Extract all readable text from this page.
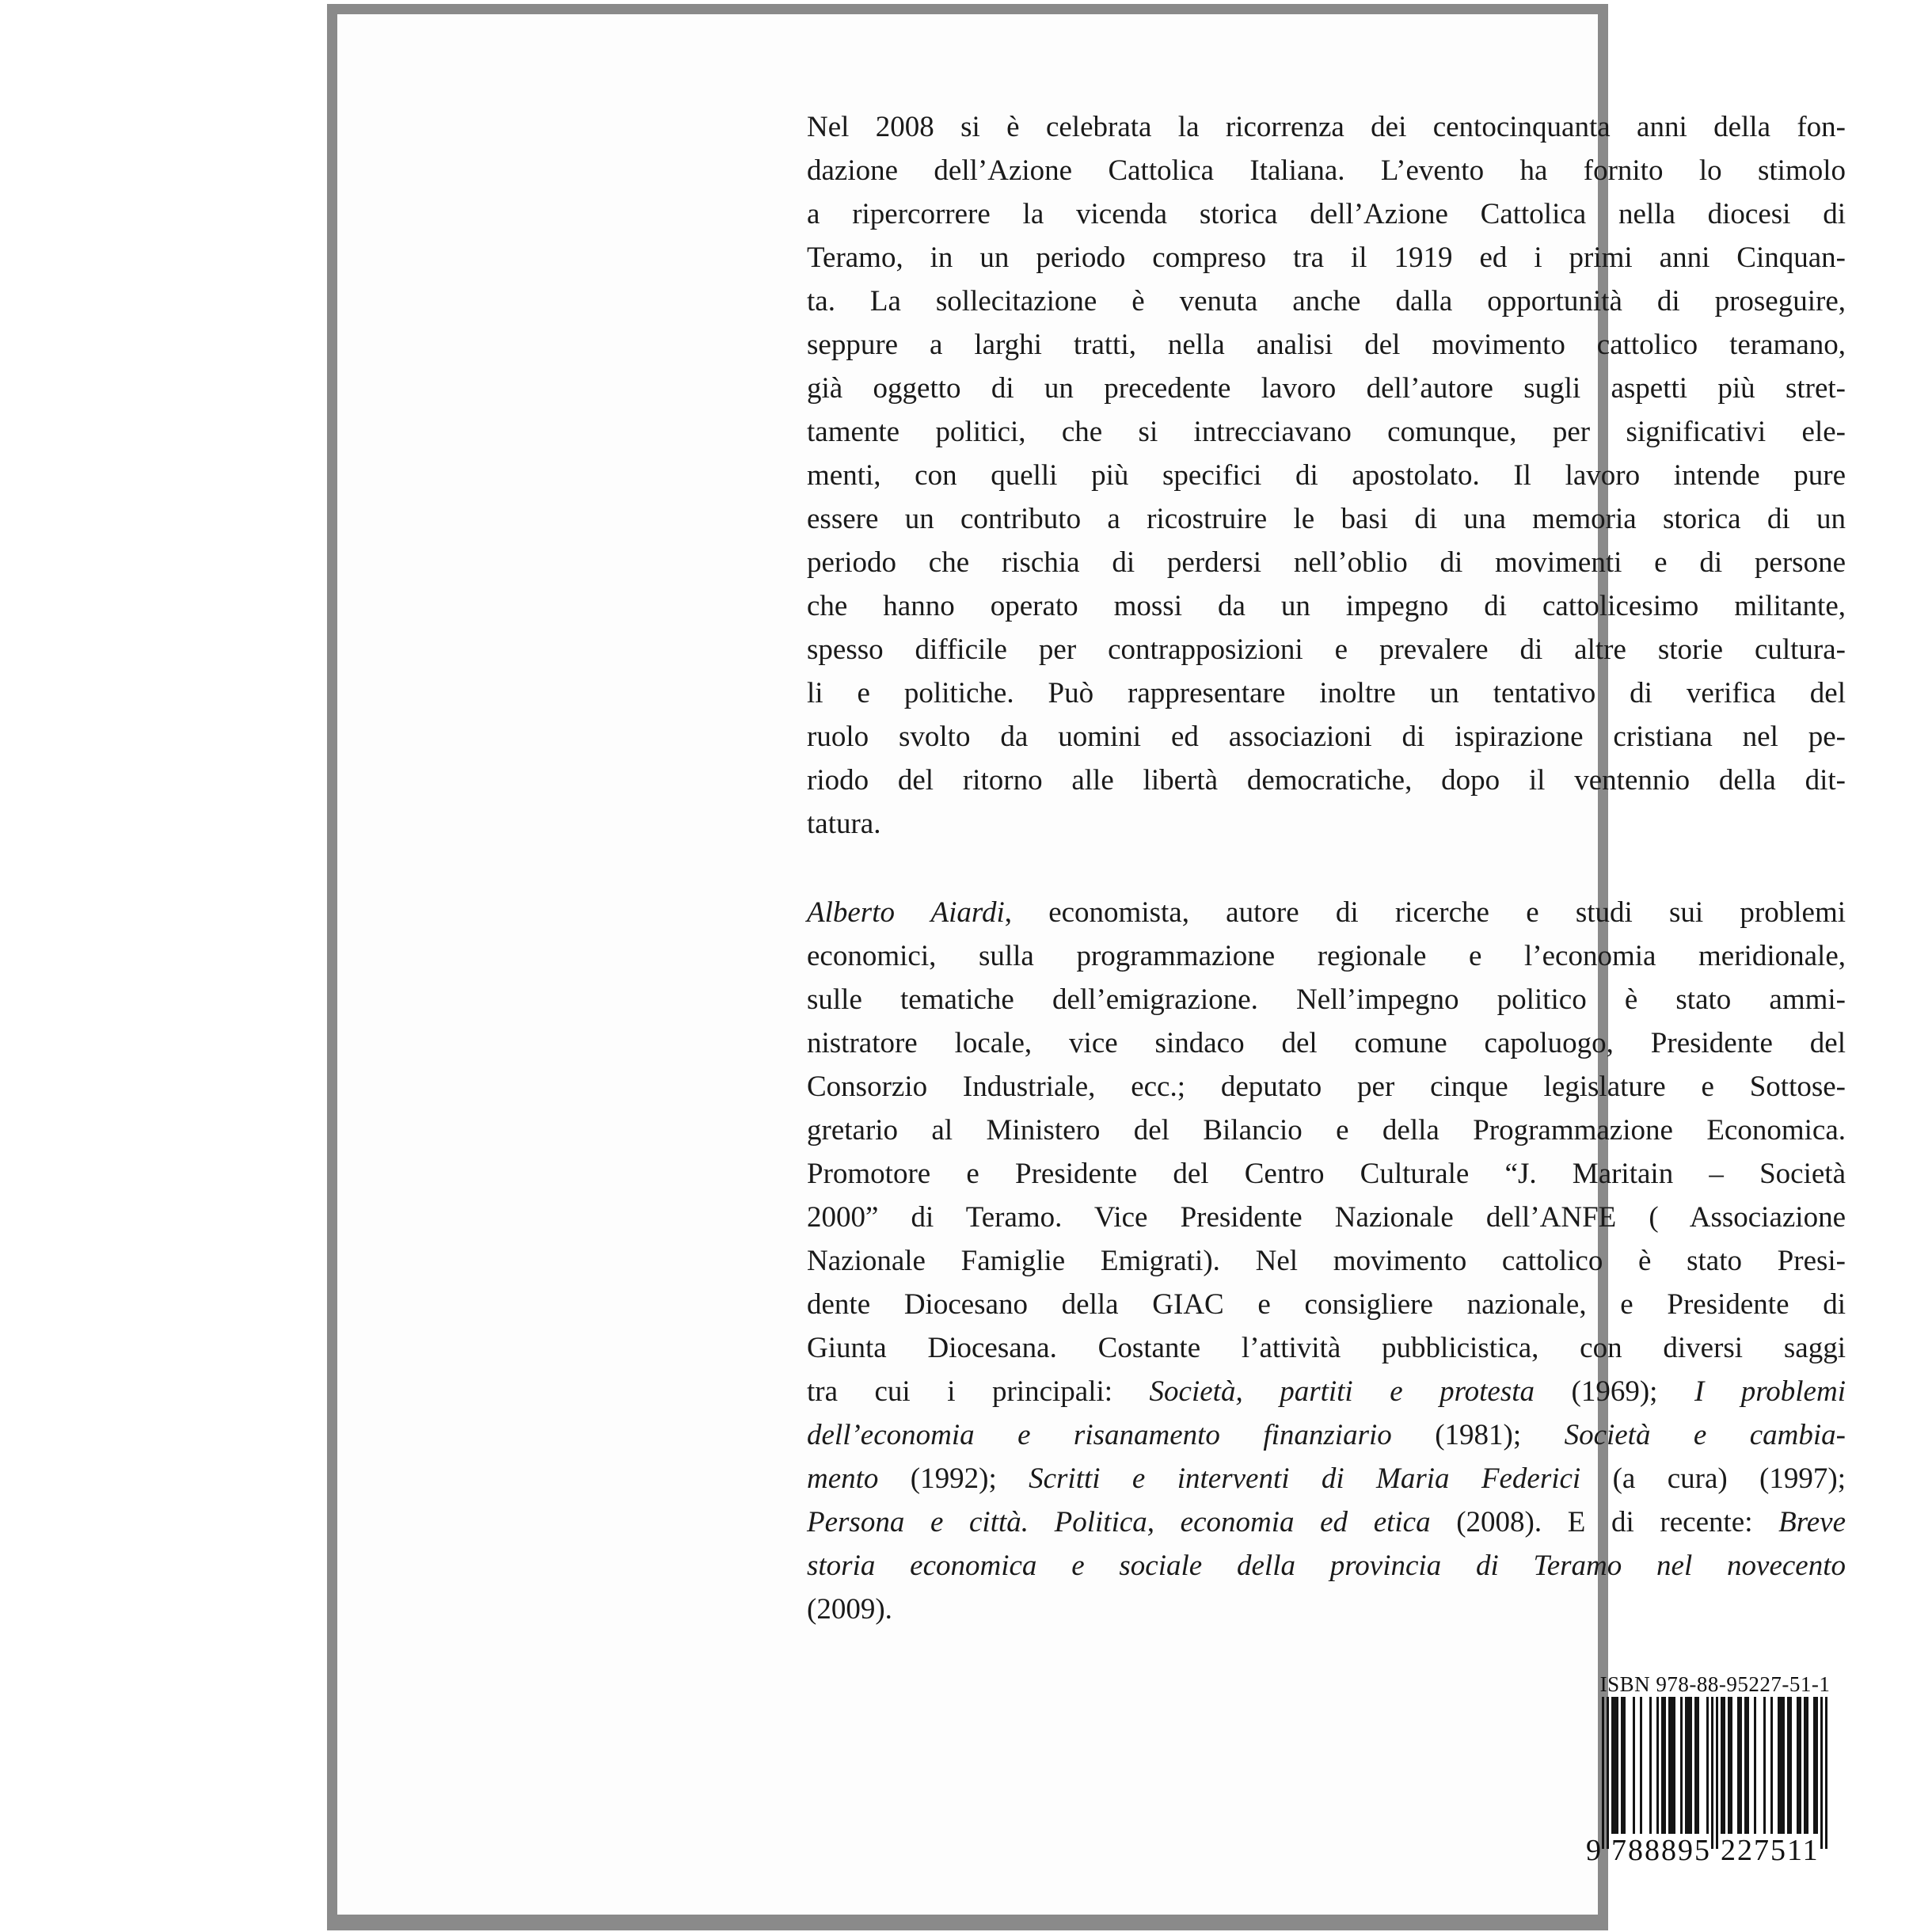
Nel 2008 si è celebrata la ricorrenza dei centocinquanta anni della fon-
dazione dell’Azione Cattolica Italiana. L’evento ha fornito lo stimolo
a ripercorrere la vicenda storica dell’Azione Cattolica nella diocesi di
Teramo, in un periodo compreso tra il 1919 ed i primi anni Cinquan-
ta. La sollecitazione è venuta anche dalla opportunità di proseguire,
seppure a larghi tratti, nella analisi del movimento cattolico teramano,
già oggetto di un precedente lavoro dell’autore sugli aspetti più stret-
tamente politici, che si intrecciavano comunque, per significativi ele-
menti, con quelli più specifici di apostolato. Il lavoro intende pure
essere un contributo a ricostruire le basi di una memoria storica di un
periodo che rischia di perdersi nell’oblio di movimenti e di persone
che hanno operato mossi da un impegno di cattolicesimo militante,
spesso difficile per contrapposizioni e prevalere di altre storie cultura-
li e politiche. Può rappresentare inoltre un tentativo di verifica del
ruolo svolto da uomini ed associazioni di ispirazione cristiana nel pe-
riodo del ritorno alle libertà democratiche, dopo il ventennio della dit-
tatura.
Alberto Aiardi, economista, autore di ricerche e studi sui problemi
economici, sulla programmazione regionale e l’economia meridionale,
sulle tematiche dell’emigrazione. Nell’impegno politico è stato ammi-
nistratore locale, vice sindaco del comune capoluogo, Presidente del
Consorzio Industriale, ecc.; deputato per cinque legislature e Sottose-
gretario al Ministero del Bilancio e della Programmazione Economica.
Promotore e Presidente del Centro Culturale “J. Maritain – Società
2000” di Teramo. Vice Presidente Nazionale dell’ANFE ( Associazione
Nazionale Famiglie Emigrati). Nel movimento cattolico è stato Presi-
dente Diocesano della GIAC e consigliere nazionale, e Presidente di
Giunta Diocesana. Costante l’attività pubblicistica, con diversi saggi
tra cui i principali: Società, partiti e protesta (1969); I problemi
dell’economia e risanamento finanziario (1981); Società e cambia-
mento (1992); Scritti e interventi di Maria Federici (a cura) (1997);
Persona e città. Politica, economia ed etica (2008). E di recente: Breve
storia economica e sociale della provincia di Teramo nel novecento
(2009).
ISBN 978-88-95227-51-1
9 788895 227511
